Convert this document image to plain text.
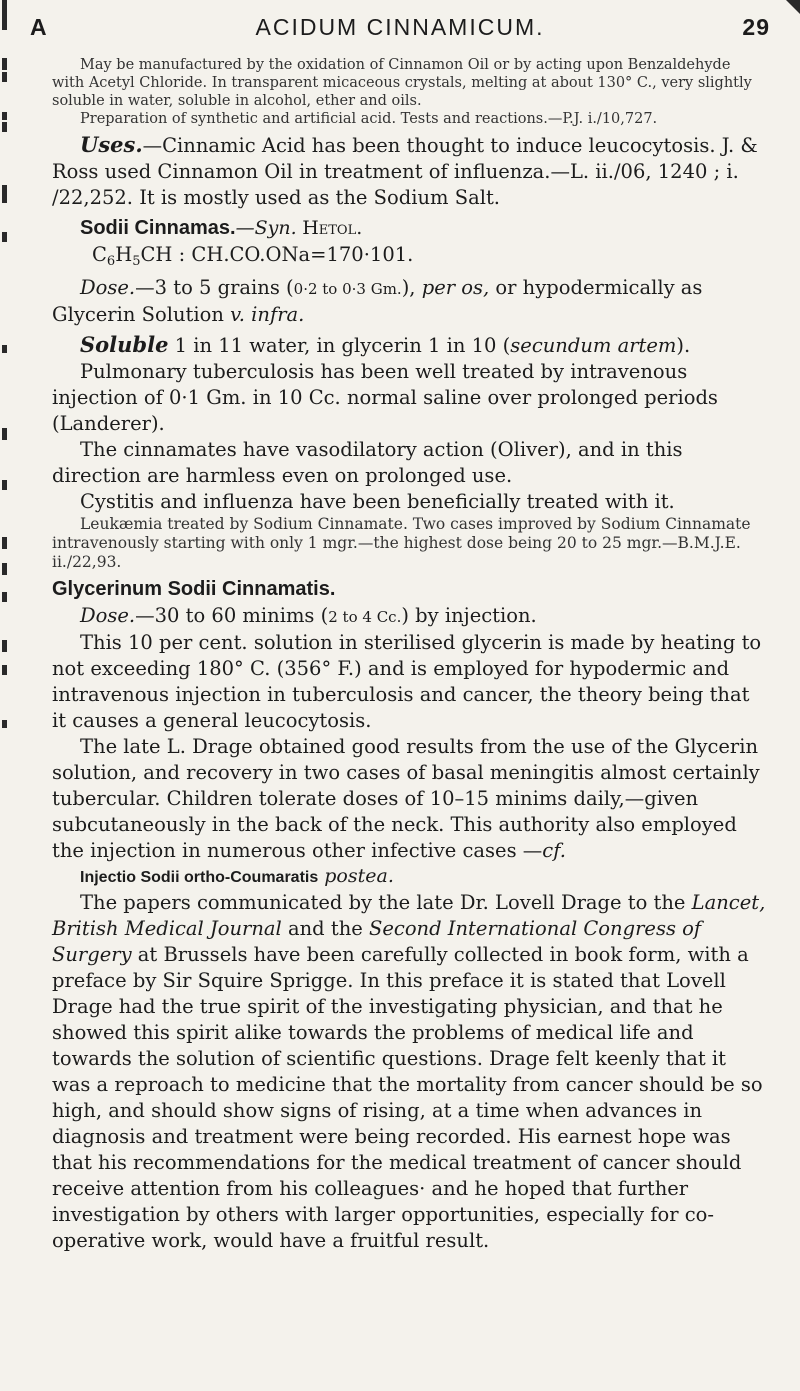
A	ACIDUM CINNAMICUM.	29

May be manufactured by the oxidation of Cinnamon Oil or by acting upon Benzaldehyde with Acetyl Chloride. In transparent micaceous crystals, melting at about 130° C., very slightly soluble in water, soluble in alcohol, ether and oils.

Preparation of synthetic and artificial acid. Tests and reactions.—P.J. i./10,727.

Uses.—Cinnamic Acid has been thought to induce leucocytosis. J. & Ross used Cinnamon Oil in treatment of influenza.—L. ii./06, 1240 ; i. /22,252. It is mostly used as the Sodium Salt.

Sodii Cinnamas.—Syn. Hetol.

$C_6H_5CH$ : CH.CO.ONa=170·101.

Dose.—3 to 5 grains (0·2 to 0·3 Gm.), per os, or hypodermically as Glycerin Solution v. infra.

Soluble 1 in 11 water, in glycerin 1 in 10 (secundum artem).

Pulmonary tuberculosis has been well treated by intravenous injection of 0·1 Gm. in 10 Cc. normal saline over prolonged periods (Landerer).

The cinnamates have vasodilatory action (Oliver), and in this direction are harmless even on prolonged use.

Cystitis and influenza have been beneficially treated with it.

Leukæmia treated by Sodium Cinnamate. Two cases improved by Sodium Cinnamate intravenously starting with only 1 mgr.—the highest dose being 20 to 25 mgr.—B.M.J.E. ii./22,93.

Glycerinum Sodii Cinnamatis.

Dose.—30 to 60 minims (2 to 4 Cc.) by injection.

This 10 per cent. solution in sterilised glycerin is made by heating to not exceeding 180° C. (356° F.) and is employed for hypodermic and intravenous injection in tuberculosis and cancer, the theory being that it causes a general leucocytosis.

The late L. Drage obtained good results from the use of the Glycerin solution, and recovery in two cases of basal meningitis almost certainly tubercular. Children tolerate doses of 10–15 minims daily,—given subcutaneously in the back of the neck. This authority also employed the injection in numerous other infective cases —cf.

Injectio Sodii ortho-Coumaratis postea.

The papers communicated by the late Dr. Lovell Drage to the Lancet, British Medical Journal and the Second International Congress of Surgery at Brussels have been carefully collected in book form, with a preface by Sir Squire Sprigge. In this preface it is stated that Lovell Drage had the true spirit of the investigating physician, and that he showed this spirit alike towards the problems of medical life and towards the solution of scientific questions. Drage felt keenly that it was a reproach to medicine that the mortality from cancer should be so high, and should show signs of rising, at a time when advances in diagnosis and treatment were being recorded. His earnest hope was that his recommendations for the medical treatment of cancer should receive attention from his colleagues· and he hoped that further investigation by others with larger opportunities, especially for co-operative work, would have a fruitful result.
